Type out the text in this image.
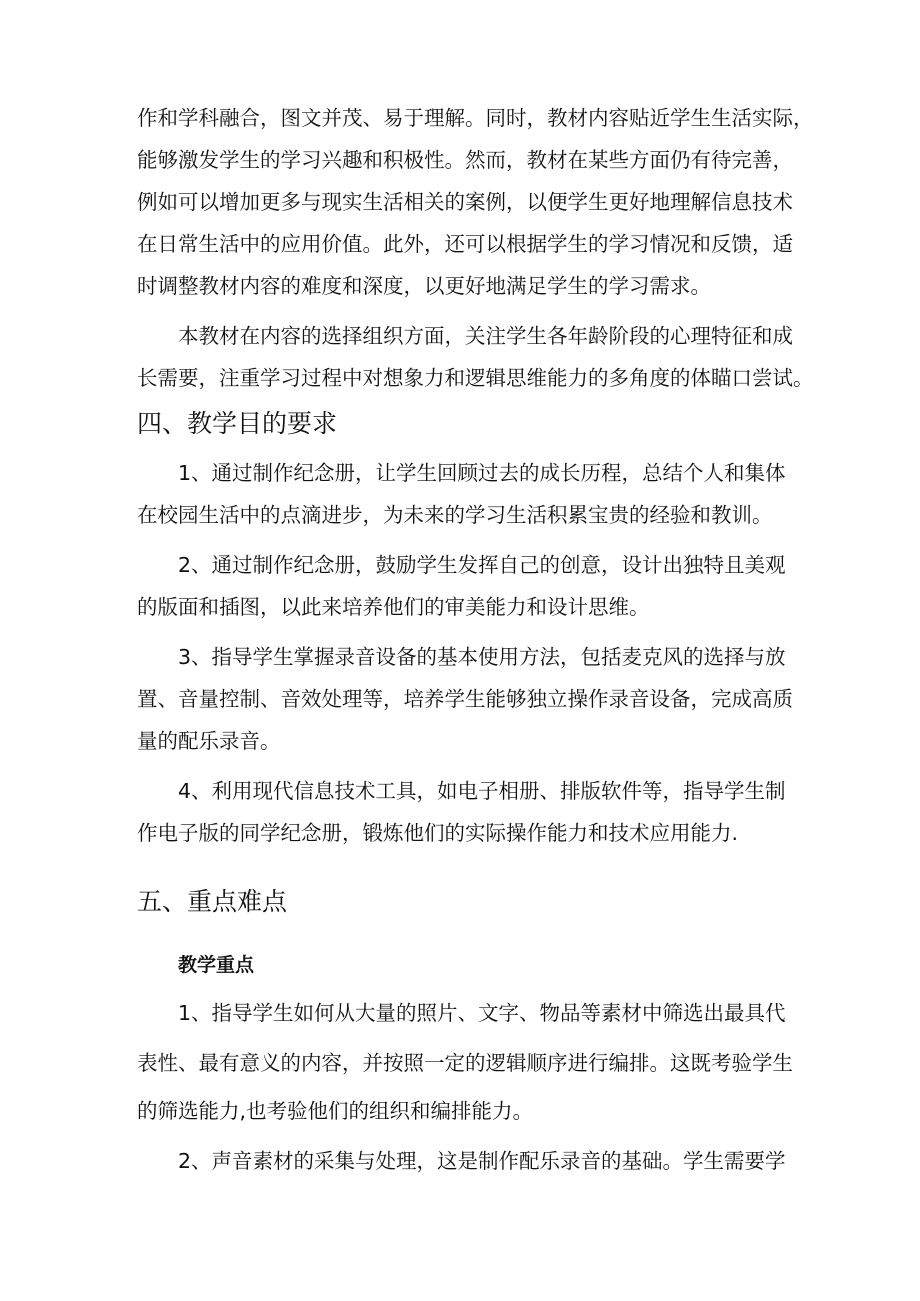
作和学科融合，图文并茂、易于理解。同时，教材内容贴近学生生活实际，
能够激发学生的学习兴趣和积极性。然而，教材在某些方面仍有待完善，
例如可以增加更多与现实生活相关的案例，以便学生更好地理解信息技术
在日常生活中的应用价值。此外，还可以根据学生的学习情况和反馈，适
时调整教材内容的难度和深度，以更好地满足学生的学习需求。
本教材在内容的选择组织方面，关注学生各年龄阶段的心理特征和成
长需要，注重学习过程中对想象力和逻辑思维能力的多角度的体瞄口尝试。
四、教学目的要求
1、通过制作纪念册，让学生回顾过去的成长历程，总结个人和集体
在校园生活中的点滴进步，为未来的学习生活积累宝贵的经验和教训。
2、通过制作纪念册，鼓励学生发挥自己的创意，设计出独特且美观
的版面和插图，以此来培养他们的审美能力和设计思维。
3、指导学生掌握录音设备的基本使用方法，包括麦克风的选择与放
置、音量控制、音效处理等，培养学生能够独立操作录音设备，完成高质
量的配乐录音。
4、利用现代信息技术工具，如电子相册、排版软件等，指导学生制
作电子版的同学纪念册，锻炼他们的实际操作能力和技术应用能力.
五、重点难点
教学重点
1、指导学生如何从大量的照片、文字、物品等素材中筛选出最具代
表性、最有意义的内容，并按照一定的逻辑顺序进行编排。这既考验学生
的筛选能力,也考验他们的组织和编排能力。
2、声音素材的采集与处理，这是制作配乐录音的基础。学生需要学
